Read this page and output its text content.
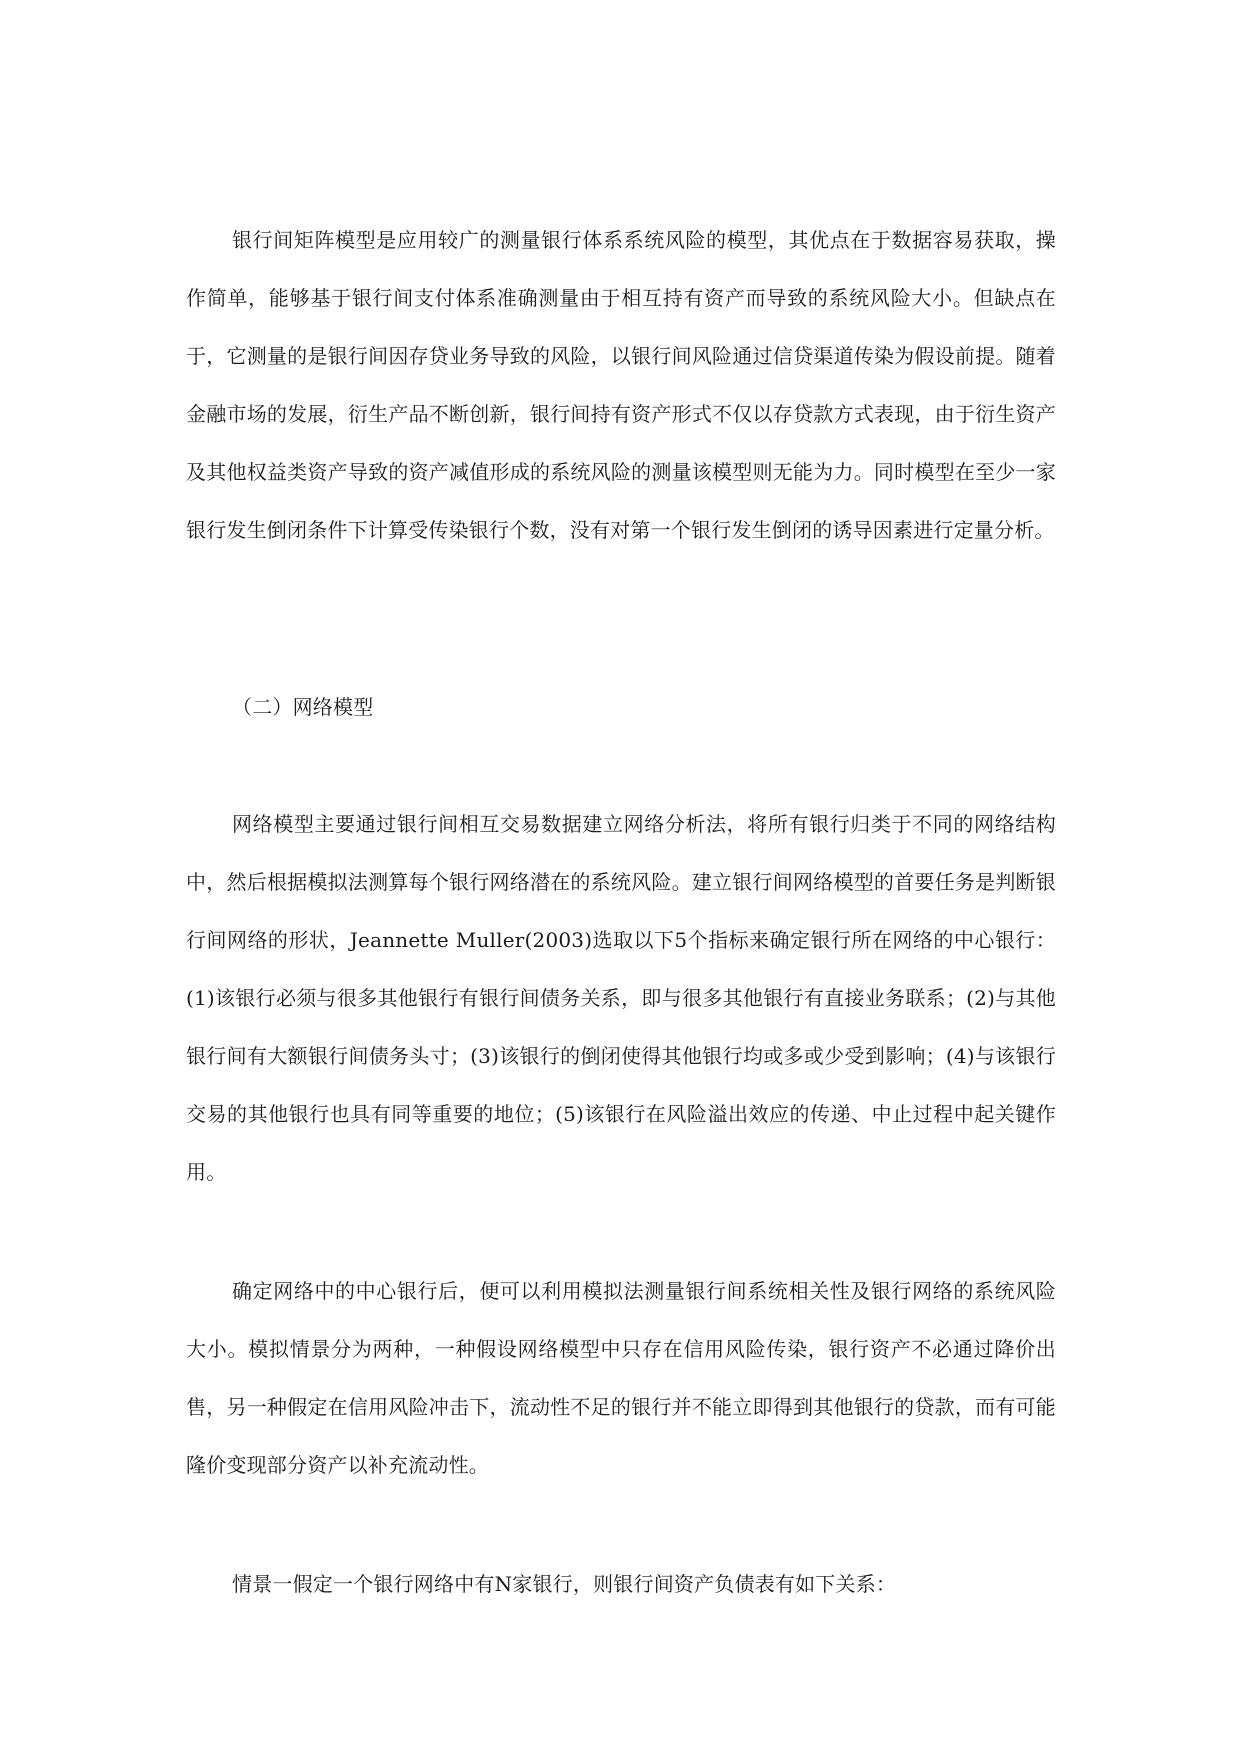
银行间矩阵模型是应用较广的测量银行体系系统风险的模型，其优点在于数据容易获取，操作简单，能够基于银行间支付体系准确测量由于相互持有资产而导致的系统风险大小。但缺点在于，它测量的是银行间因存贷业务导致的风险，以银行间风险通过信贷渠道传染为假设前提。随着金融市场的发展，衍生产品不断创新，银行间持有资产形式不仅以存贷款方式表现，由于衍生资产及其他权益类资产导致的资产减值形成的系统风险的测量该模型则无能为力。同时模型在至少一家银行发生倒闭条件下计算受传染银行个数，没有对第一个银行发生倒闭的诱导因素进行定量分析。

（二）网络模型

网络模型主要通过银行间相互交易数据建立网络分析法，将所有银行归类于不同的网络结构中，然后根据模拟法测算每个银行网络潜在的系统风险。建立银行间网络模型的首要任务是判断银行间网络的形状，Jeannette Muller(2003)选取以下5个指标来确定银行所在网络的中心银行：(1)该银行必须与很多其他银行有银行间债务关系，即与很多其他银行有直接业务联系；(2)与其他银行间有大额银行间债务头寸；(3)该银行的倒闭使得其他银行均或多或少受到影响；(4)与该银行交易的其他银行也具有同等重要的地位；(5)该银行在风险溢出效应的传递、中止过程中起关键作用。

确定网络中的中心银行后，便可以利用模拟法测量银行间系统相关性及银行网络的系统风险大小。模拟情景分为两种，一种假设网络模型中只存在信用风险传染，银行资产不必通过降价出售，另一种假定在信用风险冲击下，流动性不足的银行并不能立即得到其他银行的贷款，而有可能隆价变现部分资产以补充流动性。

情景一假定一个银行网络中有N家银行，则银行间资产负债表有如下关系：
